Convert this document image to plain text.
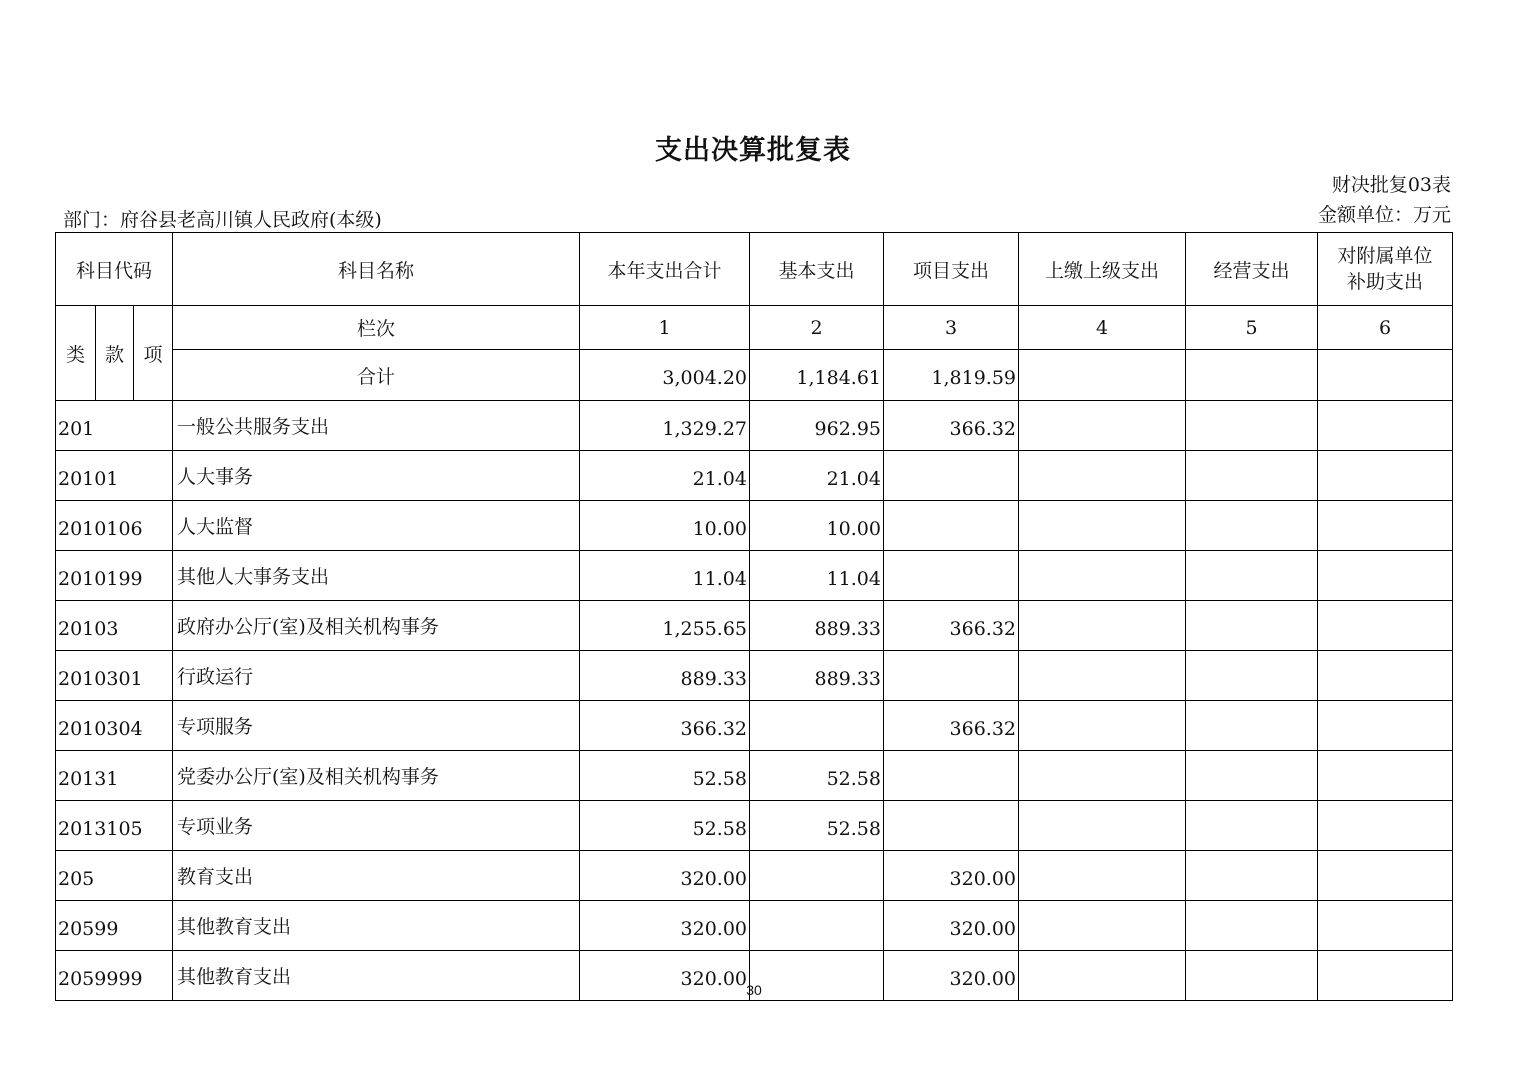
支出决算批复表
财决批复03表
金额单位：万元
部门：府谷县老高川镇人民政府(本级)
科目代码			科目名称	本年支出合计	基本支出	项目支出	上缴上级支出	经营支出	对附属单位
补助支出

类	款	项	栏次	1	2	3	4	5	6
			合计	3,004.20	1,184.61	1,819.59			
201			一般公共服务支出	1,329.27	962.95	366.32			
20101			人大事务	21.04	21.04				
2010106			人大监督	10.00	10.00				
2010199			其他人大事务支出	11.04	11.04				
20103			政府办公厅(室)及相关机构事务	1,255.65	889.33	366.32			
2010301			行政运行	889.33	889.33				
2010304			专项服务	366.32		366.32			
20131			党委办公厅(室)及相关机构事务	52.58	52.58				
2013105			专项业务	52.58	52.58				
205			教育支出	320.00		320.00			
20599			其他教育支出	320.00		320.00			
2059999			其他教育支出	320.00		320.00			
30
